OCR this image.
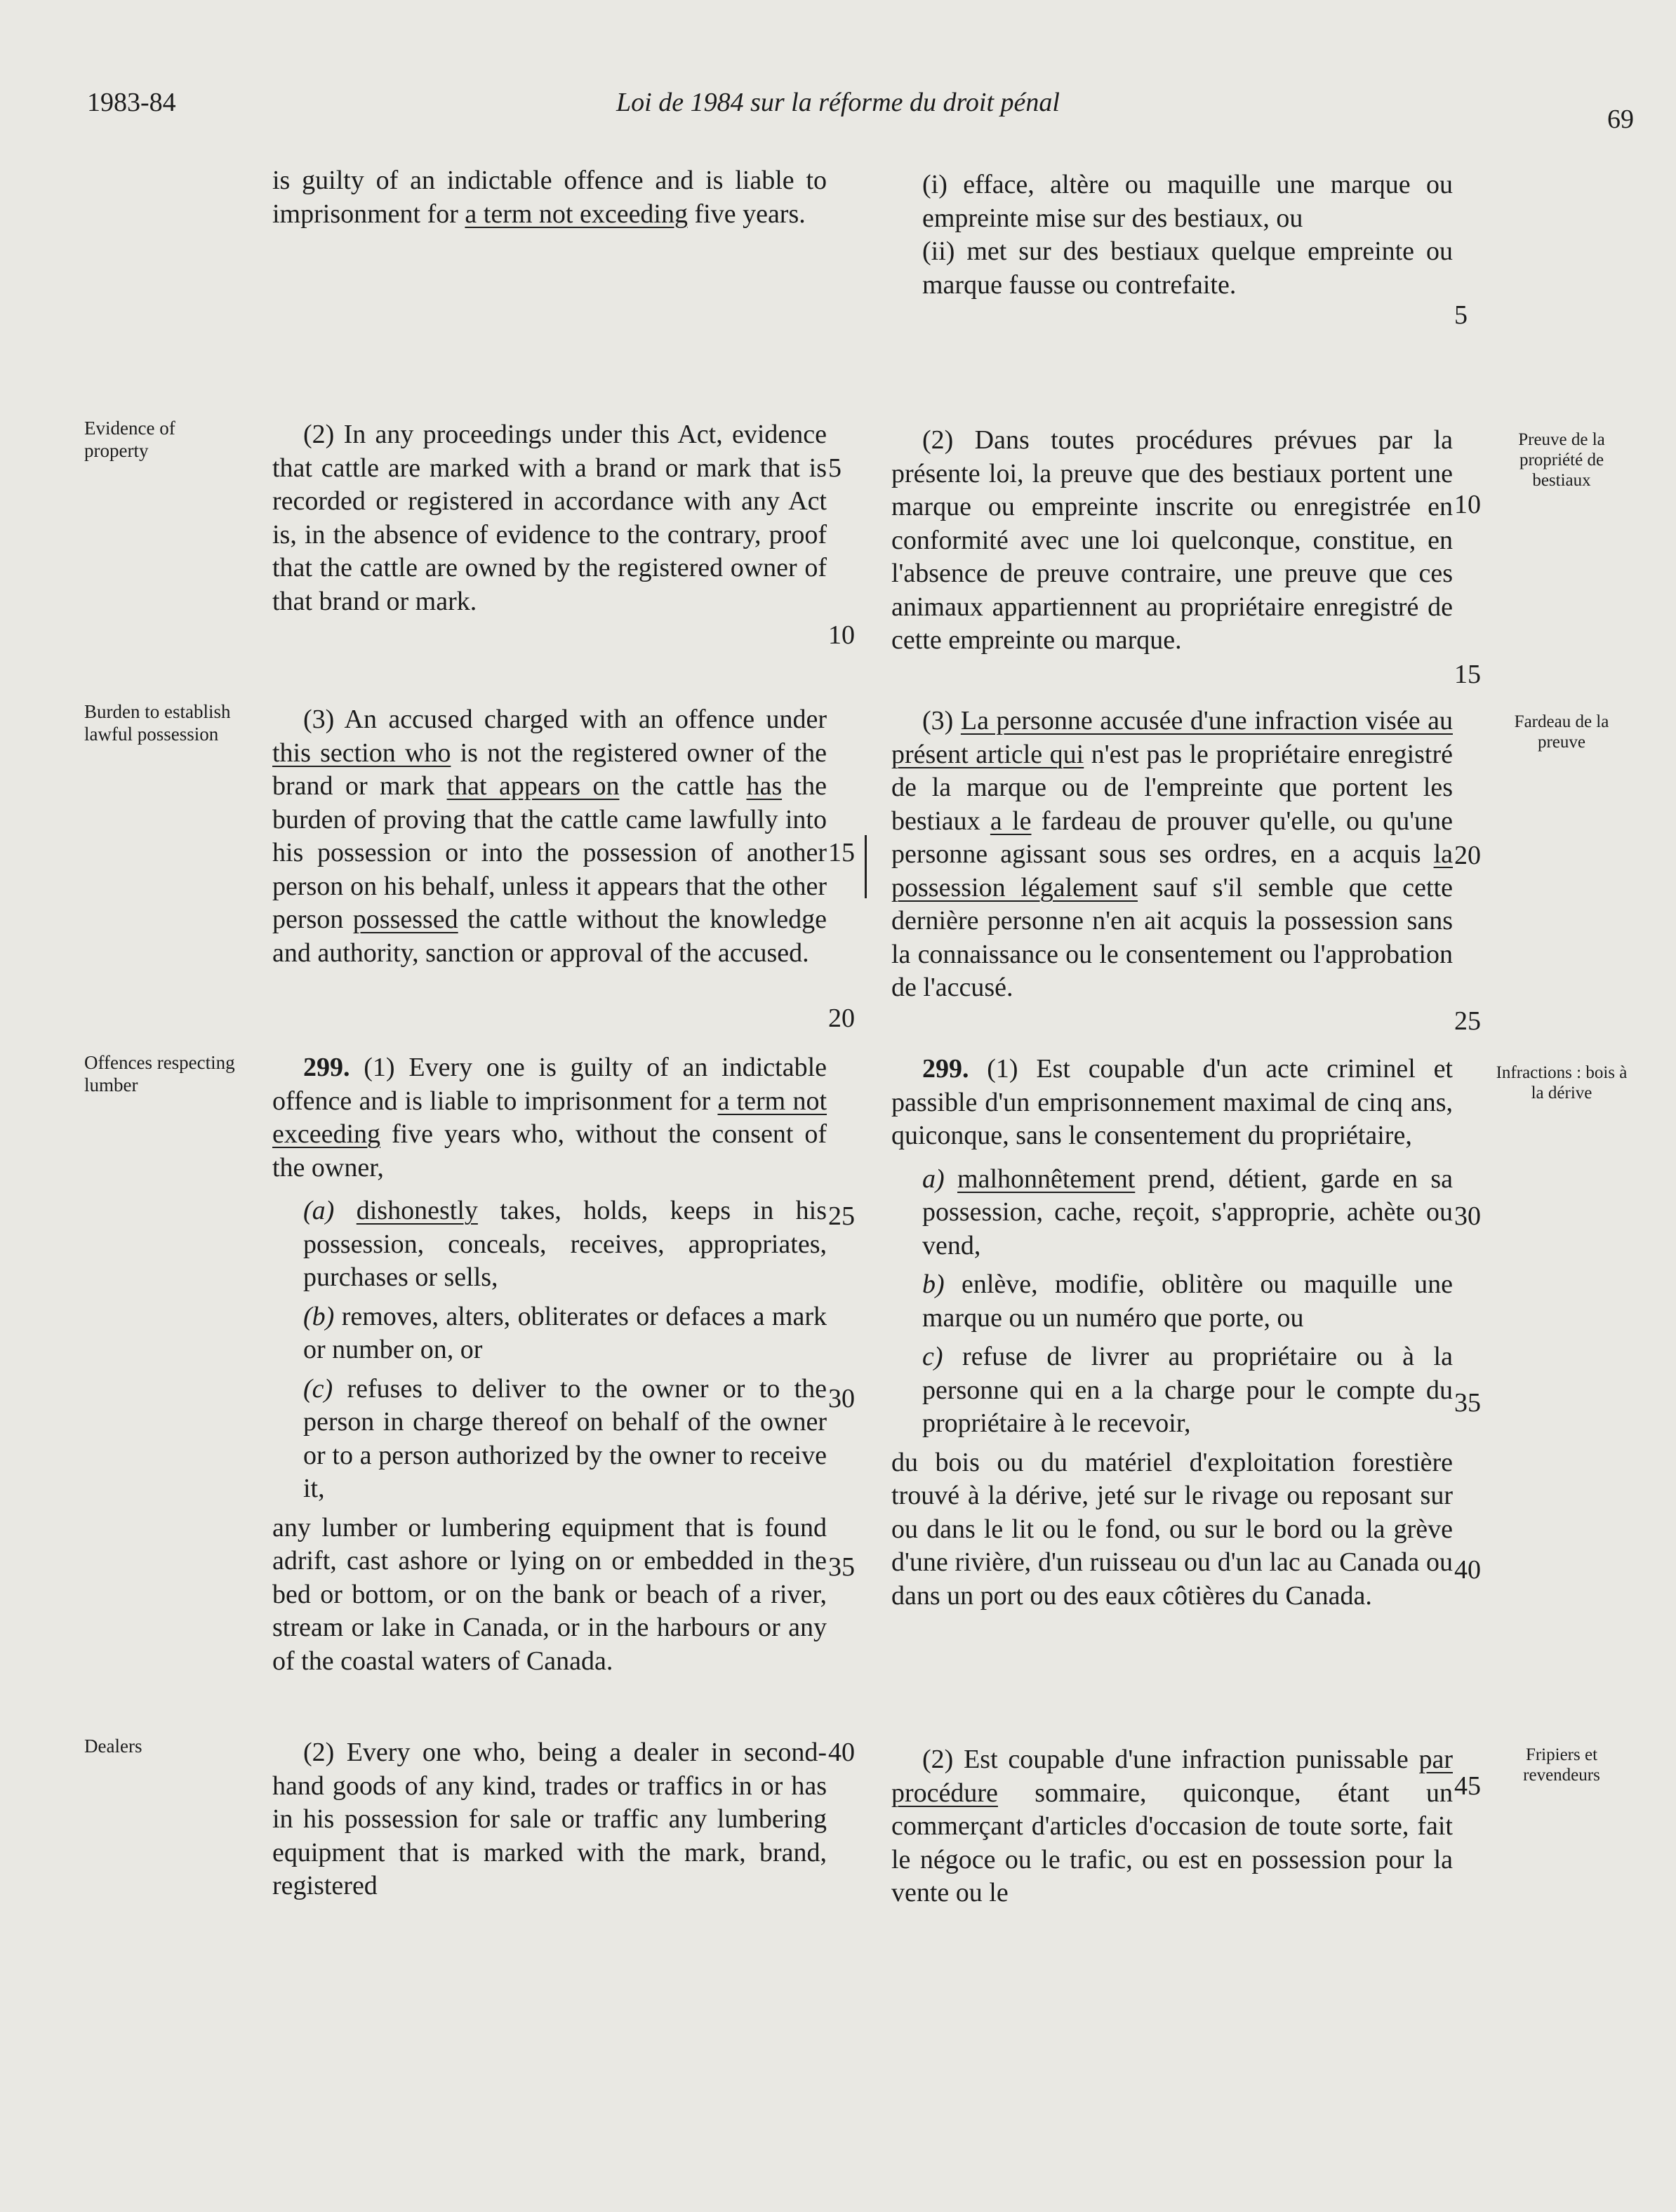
1983-84	Loi de 1984 sur la réforme du droit pénal
69
Evidence of property
Burden to establish lawful possession
Offences respecting lumber
Dealers
Preuve de la propriété de bestiaux
Fardeau de la preuve
Infractions : bois à la dérive
Fripiers et revendeurs

is guilty of an indictable offence and is liable to imprisonment for a term not exceeding five years.

(2) In any proceedings under this Act, evidence that cattle are marked with a brand or mark that is recorded or registered in accordance with any Act is, in the absence of evidence to the contrary, proof that the cattle are owned by the registered owner of that brand or mark.

(3) An accused charged with an offence under this section who is not the registered owner of the brand or mark that appears on the cattle has the burden of proving that the cattle came lawfully into his possession or into the possession of another person on his behalf, unless it appears that the other person possessed the cattle without the knowledge and authority, sanction or approval of the accused.

299. (1) Every one is guilty of an indictable offence and is liable to imprisonment for a term not exceeding five years who, without the consent of the owner,

(a) dishonestly takes, holds, keeps in his possession, conceals, receives, appropriates, purchases or sells,

(b) removes, alters, obliterates or defaces a mark or number on, or

(c) refuses to deliver to the owner or to the person in charge thereof on behalf of the owner or to a person authorized by the owner to receive it,

any lumber or lumbering equipment that is found adrift, cast ashore or lying on or embedded in the bed or bottom, or on the bank or beach of a river, stream or lake in Canada, or in the harbours or any of the coastal waters of Canada.

(2) Every one who, being a dealer in second-hand goods of any kind, trades or traffics in or has in his possession for sale or traffic any lumbering equipment that is marked with the mark, brand, registered

(i) efface, altère ou maquille une marque ou empreinte mise sur des bestiaux, ou

(ii) met sur des bestiaux quelque empreinte ou marque fausse ou contrefaite.

(2) Dans toutes procédures prévues par la présente loi, la preuve que des bestiaux portent une marque ou empreinte inscrite ou enregistrée en conformité avec une loi quelconque, constitue, en l'absence de preuve contraire, une preuve que ces animaux appartiennent au propriétaire enregistré de cette empreinte ou marque.

(3) La personne accusée d'une infraction visée au présent article qui n'est pas le propriétaire enregistré de la marque ou de l'empreinte que portent les bestiaux a le fardeau de prouver qu'elle, ou qu'une personne agissant sous ses ordres, en a acquis la possession légalement sauf s'il semble que cette dernière personne n'en ait acquis la possession sans la connaissance ou le consentement ou l'approbation de l'accusé.

299. (1) Est coupable d'un acte criminel et passible d'un emprisonnement maximal de cinq ans, quiconque, sans le consentement du propriétaire,

a) malhonnêtement prend, détient, garde en sa possession, cache, reçoit, s'approprie, achète ou vend,

b) enlève, modifie, oblitère ou maquille une marque ou un numéro que porte, ou

c) refuse de livrer au propriétaire ou à la personne qui en a la charge pour le compte du propriétaire à le recevoir,

du bois ou du matériel d'exploitation forestière trouvé à la dérive, jeté sur le rivage ou reposant sur ou dans le lit ou le fond, ou sur le bord ou la grève d'une rivière, d'un ruisseau ou d'un lac au Canada ou dans un port ou des eaux côtières du Canada.

(2) Est coupable d'une infraction punissable par procédure sommaire, quiconque, étant un commerçant d'articles d'occasion de toute sorte, fait le négoce ou le trafic, ou est en possession pour la vente ou le

5
10
15
20
25
30
35
40
5
10
15
20
25
30
35
40
45
